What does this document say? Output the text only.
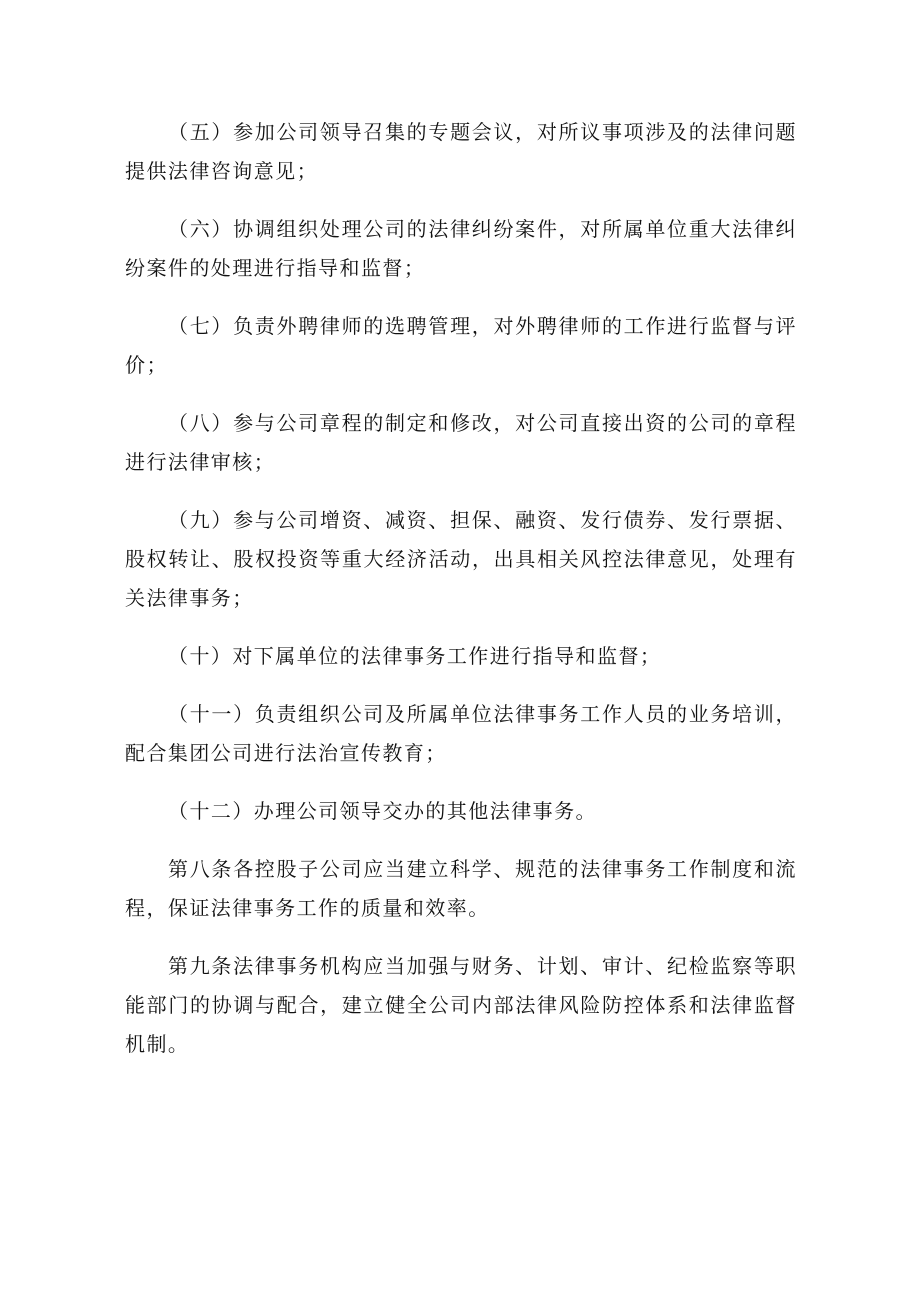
（五）参加公司领导召集的专题会议，对所议事项涉及的法律问题提供法律咨询意见；

（六）协调组织处理公司的法律纠纷案件，对所属单位重大法律纠纷案件的处理进行指导和监督；

（七）负责外聘律师的选聘管理，对外聘律师的工作进行监督与评价；

（八）参与公司章程的制定和修改，对公司直接出资的公司的章程进行法律审核；

（九）参与公司增资、减资、担保、融资、发行债券、发行票据、股权转让、股权投资等重大经济活动，出具相关风控法律意见，处理有关法律事务；

（十）对下属单位的法律事务工作进行指导和监督；

（十一）负责组织公司及所属单位法律事务工作人员的业务培训，配合集团公司进行法治宣传教育；

（十二）办理公司领导交办的其他法律事务。

第八条各控股子公司应当建立科学、规范的法律事务工作制度和流程，保证法律事务工作的质量和效率。

第九条法律事务机构应当加强与财务、计划、审计、纪检监察等职能部门的协调与配合，建立健全公司内部法律风险防控体系和法律监督机制。
